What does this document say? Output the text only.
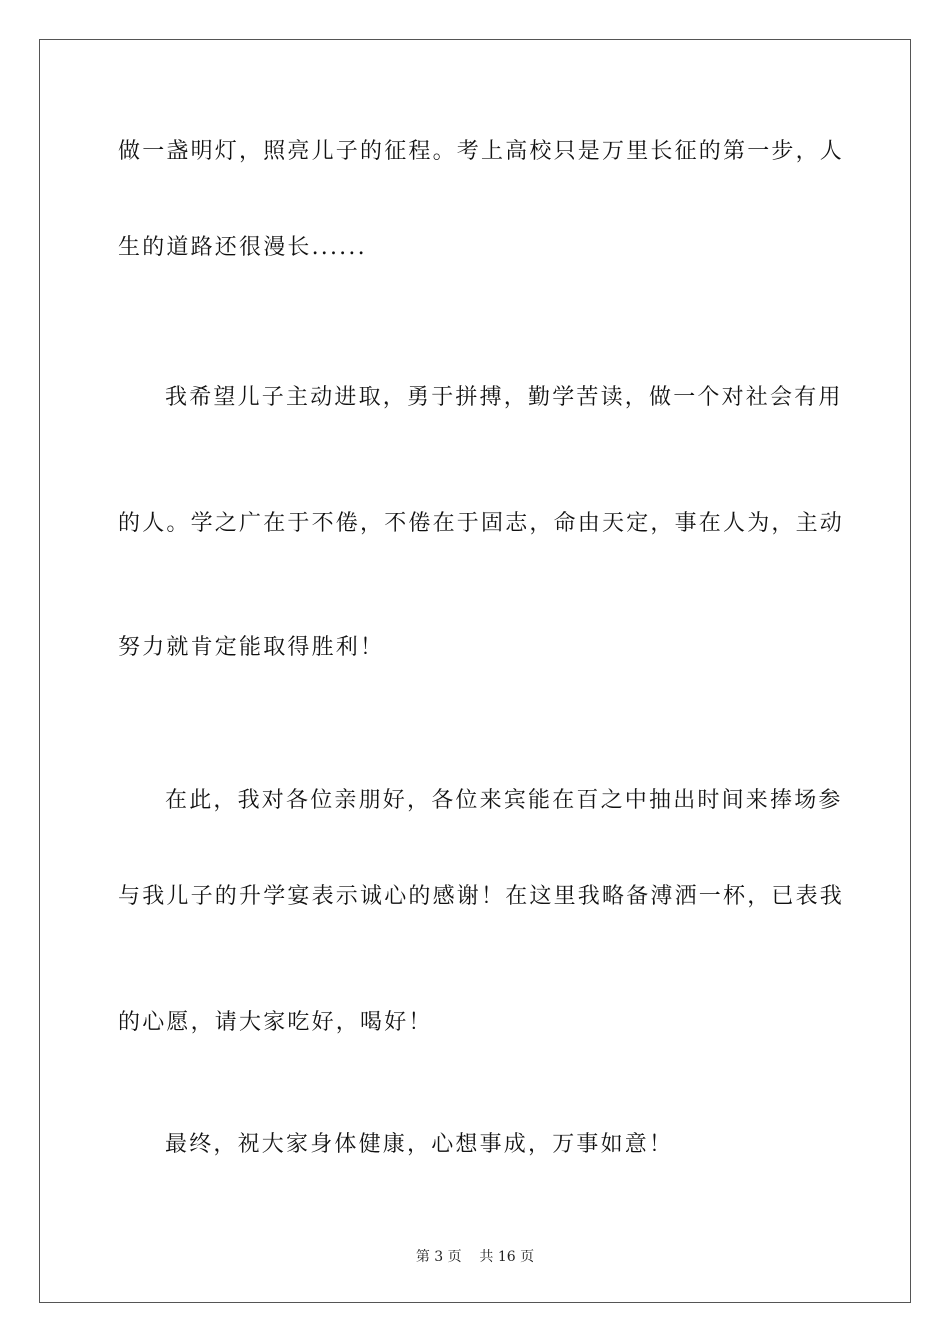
做一盏明灯，照亮儿子的征程。考上高校只是万里长征的第一步，人
生的道路还很漫长......
我希望儿子主动进取，勇于拼搏，勤学苦读，做一个对社会有用
的人。学之广在于不倦，不倦在于固志，命由天定，事在人为，主动
努力就肯定能取得胜利！
在此，我对各位亲朋好，各位来宾能在百之中抽出时间来捧场参
与我儿子的升学宴表示诚心的感谢！在这里我略备溥洒一杯，已表我
的心愿，请大家吃好，喝好！
最终，祝大家身体健康，心想事成，万事如意！
第 3 页    共 16 页
